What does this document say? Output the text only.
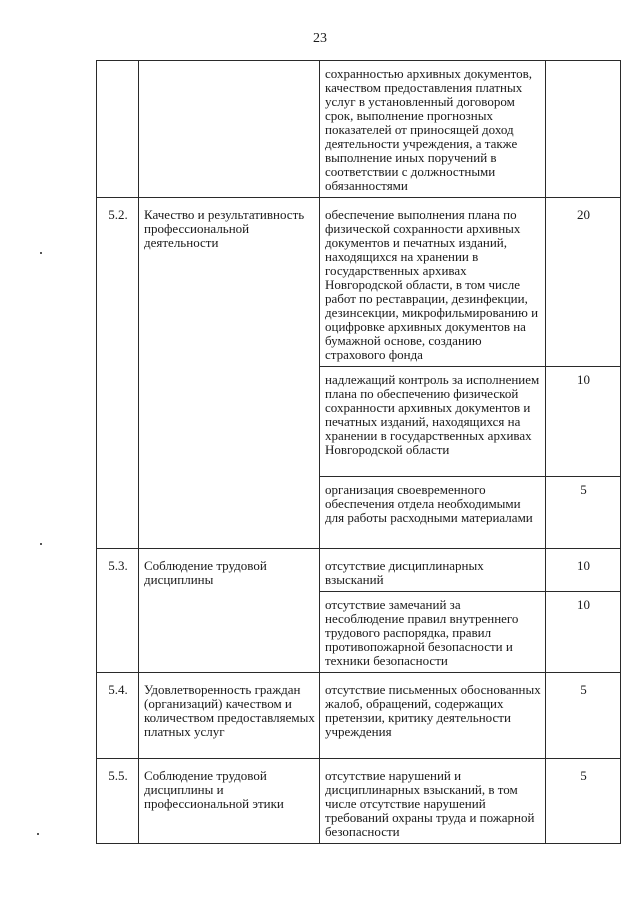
23
		сохранностью архивных документов, качеством предоставления платных услуг в установленный договором срок, выполнение прогнозных показателей от приносящей доход деятельности учреждения, а также выполнение иных поручений в соответствии с должностными обязанностями	
5.2.	Качество и результативность профессиональной деятельности	обеспечение выполнения плана по физической сохранности архивных документов и печатных изданий, находящихся на хранении в государственных архивах Новгородской области, в том числе работ по реставрации, дезинфекции, дезинсекции, микрофильмированию и оцифровке архивных документов на бумажной основе, созданию страхового фонда	20
		надлежащий контроль за исполнением плана по обеспечению физической сохранности архивных документов и печатных изданий, находящихся на хранении в государственных архивах Новгородской области	10
		организация своевременного обеспечения отдела необходимыми для работы расходными материалами	5
5.3.	Соблюдение трудовой дисциплины	отсутствие дисциплинарных взысканий	10
		отсутствие замечаний за несоблюдение правил внутреннего трудового распорядка, правил противопожарной безопасности и техники безопасности	10
5.4.	Удовлетворенность граждан (организаций) качеством и количеством предоставляемых платных услуг	отсутствие письменных обоснованных жалоб, обращений, содержащих претензии, критику деятельности учреждения	5
5.5.	Соблюдение трудовой дисциплины и профессиональной этики	отсутствие нарушений и дисциплинарных взысканий, в том числе отсутствие нарушений требований охраны труда и пожарной безопасности	5
